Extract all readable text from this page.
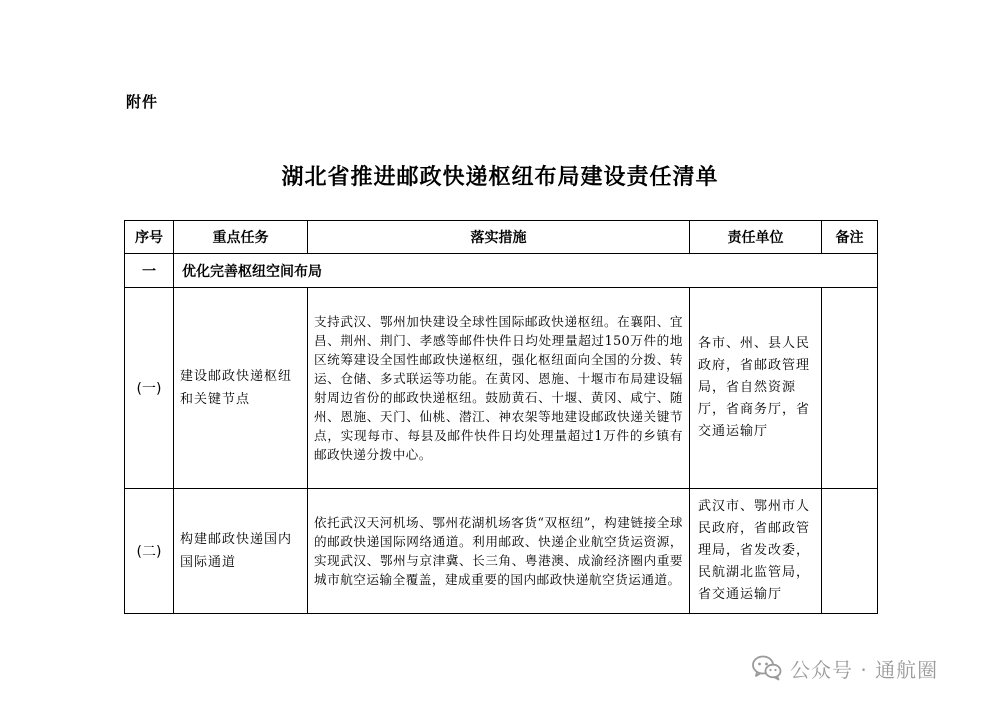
附件
湖北省推进邮政快递枢纽布局建设责任清单
序号	重点任务	落实措施	责任单位	备注
一	优化完善枢纽空间布局			
(一)	建设邮政快递枢纽和关键节点	支持武汉、鄂州加快建设全球性国际邮政快递枢纽。在襄阳、宜昌、荆州、荆门、孝感等邮件快件日均处理量超过150万件的地区统筹建设全国性邮政快递枢纽，强化枢纽面向全国的分拨、转运、仓储、多式联运等功能。在黄冈、恩施、十堰市布局建设辐射周边省份的邮政快递枢纽。鼓励黄石、十堰、黄冈、咸宁、随州、恩施、天门、仙桃、潜江、神农架等地建设邮政快递关键节点，实现每市、每县及邮件快件日均处理量超过1万件的乡镇有邮政快递分拨中心。	各市、州、县人民政府，省邮政管理局，省自然资源厅，省商务厅，省交通运输厅	
(二)	构建邮政快递国内国际通道	依托武汉天河机场、鄂州花湖机场客货“双枢纽”，构建链接全球的邮政快递国际网络通道。利用邮政、快递企业航空货运资源，实现武汉、鄂州与京津冀、长三角、粤港澳、成渝经济圈内重要城市航空运输全覆盖，建成重要的国内邮政快递航空货运通道。	武汉市、鄂州市人民政府，省邮政管理局，省发改委，民航湖北监管局，省交通运输厅	
公众号 · 通航圈
